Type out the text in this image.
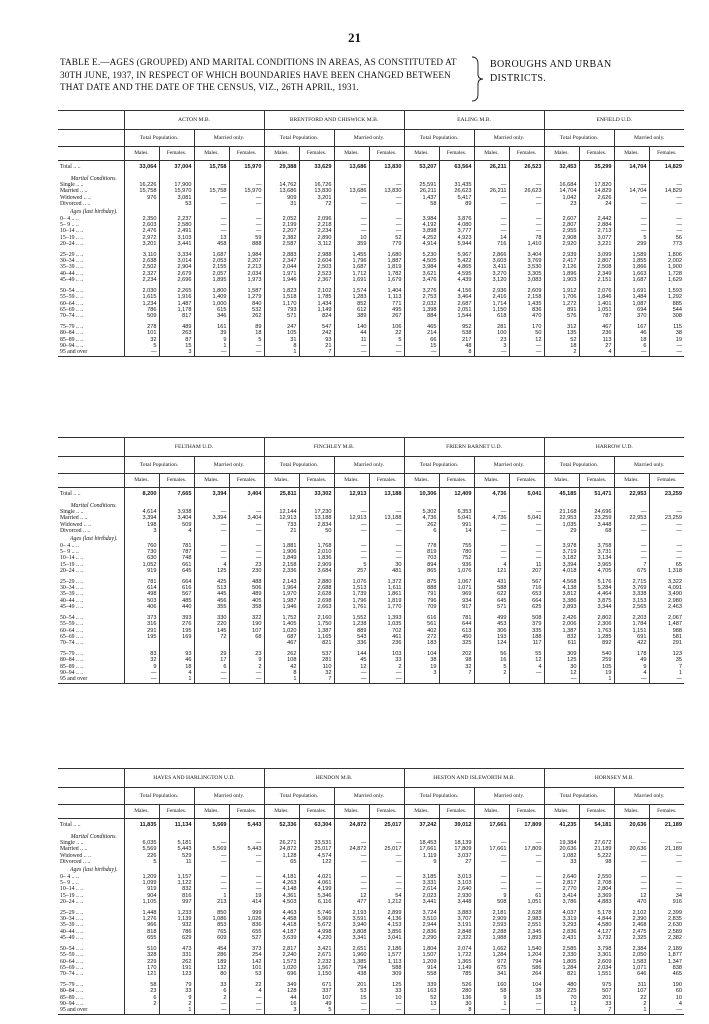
21
TABLE E.—AGES (GROUPED) AND MARITAL CONDITIONS IN AREAS, AS CONSTITUTED AT 30TH JUNE, 1937, IN RESPECT OF WHICH BOUNDARIES HAVE BEEN CHANGED BETWEEN THAT DATE AND THE DATE OF THE CENSUS, VIZ., 26TH APRIL, 1931.
BOROUGHS AND URBAN
DISTRICTS.
	ACTON M.B.				BRENTFORD AND CHISWICK M.B.				EALING M.B.				ENFIELD U.D.			
	Total Population.		Married only.		Total Population.		Married only.		Total Population.		Married only.		Total Population.		Married only.	
	Males.	Females.	Males.	Females.	Males.	Females.	Males.	Females.	Males.	Females.	Males.	Females.	Males.	Females.	Males.	Females.
Total .. ..	33,064	37,004	15,758	15,970	29,388	33,629	13,686	13,830	53,207	63,564	26,211	26,523	32,453	35,299	14,704	14,829
Marital Conditions.																
Single .. ..	16,226	17,900	—	—	14,762	16,726	—	—	25,591	31,435	—	—	16,684	17,820	—	—
Married .. ..	15,758	15,970	15,758	15,970	13,686	13,830	13,686	13,830	26,211	26,623	26,211	26,623	14,704	14,829	14,704	14,829
Widowed .. ..	976	3,081	—	—	909	3,201	—	—	1,437	5,417	—	—	1,042	2,626	—	—
Divorced .. ..		53	—	—	31	72	—	—	58	89	—	—	23	24	—	—
Ages (last birthday).																
0– 4 .. ..	2,350	2,237	—	—	2,052	2,096	—	—	3,984	3,876	—	—	2,607	2,442	—	—
5– 9 .. ..	2,603	2,580	—	—	2,199	2,218	—	—	4,192	4,080	—	—	2,807	2,884	—	—
10–14 .. ..	2,476	2,491	—	—	2,207	2,234	—	—	3,898	3,777	—	—	2,955	2,713	—	—
15–19 .. ..	2,972	3,103	13	59	2,382	2,890	10	52	4,252	4,923	14	78	2,908	3,077	5	56
20–24 .. ..	3,201	3,441	458	888	2,587	3,112	359	779	4,914	5,944	716	1,410	2,920	3,221	299	773

25–29 .. ..	3,110	3,334	1,687	1,984	2,883	2,988	1,455	1,680	5,230	5,967	2,866	3,404	2,939	3,099	1,589	1,806
30–34 .. ..	2,638	3,014	2,053	2,207	2,347	2,604	1,796	1,887	4,505	5,422	3,603	3,769	2,417	2,807	1,855	2,002
35–39 .. ..	2,502	2,904	2,155	2,213	2,044	2,503	1,687	1,819	3,984	4,865	3,411	3,530	2,126	2,508	1,866	1,900
40–44 .. ..	2,327	2,679	2,057	2,034	1,971	2,523	1,712	1,782	3,621	4,595	3,270	3,305	1,896	2,349	1,663	1,728
45–49 .. ..	2,234	2,696	1,895	1,973	1,946	2,367	1,691	1,679	3,476	4,439	3,120	3,083	1,903	2,151	1,687	1,629

50–54 .. ..	2,030	2,265	1,800	1,587	1,823	2,102	1,574	1,404	3,276	4,156	2,936	2,609	1,912	2,076	1,691	1,593
55–59 .. ..	1,615	1,916	1,409	1,279	1,518	1,785	1,283	1,113	2,753	3,464	2,416	2,158	1,706	1,846	1,484	1,292
60–64 .. ..	1,234	1,487	1,000	840	1,170	1,434	852	771	2,032	2,687	1,714	1,435	1,272	1,401	1,087	885
65–69 .. ..	786	1,178	615	532	793	1,149	612	495	1,398	2,051	1,150	836	891	1,051	694	544
70–74 .. ..	509	817	346	262	571	824	389	267	884	1,544	618	470	576	787	370	308

75–79 .. ..	278	489	161	89	247	547	140	106	465	952	281	170	312	467	167	115
80–84 .. ..	101	263	39	18	105	242	44	22	214	538	100	50	135	236	46	38
85–89 .. ..	32	87	9	5	31	93	11	5	66	217	23	12	52	113	18	19
90–94 .. ..	5	15	1	—	8	21	—	—	15	48	3	—	18	27	6	—
95 and over	—	3	—	—	1	7	—	—	—	8	—	—	2	4	—	—
	FELTHAM U.D.				FINCHLEY M.B.				FRIERN BARNET U.D.				HARROW U.D.			
	Total Population.		Married only.		Total Population.		Married only.		Total Population.		Married only.		Total Population.		Married only.	
	Males.	Females.	Males.	Females.	Males.	Females.	Males.	Females.	Males.	Females.	Males.	Females.	Males.	Females.	Males.	Females.
Total .. ..	8,200	7,665	3,394	3,404	25,811	33,302	12,913	13,188	10,306	12,409	4,736	5,041	45,185	51,471	22,953	23,259
Marital Conditions.																
Single .. ..	4,614	3,938	—	—	12,144	17,230	—	—	5,302	6,353	—	—	21,168	24,696	—	—
Married .. ..	3,394	3,404	3,394	3,404	12,913	13,188	12,913	13,188	4,736	5,041	4,736	5,041	22,953	23,259	22,953	23,259
Widowed .. ..	198	509	—	—	733	2,834	—	—	262	991	—	—	1,035	3,448	—	—
Divorced .. ..	3	4	—	—	21	50	—	—	6	14	—	—	29	68	—	—
Ages (last birthday).																
0– 4 .. ..	760	781	—	—	1,881	1,768	—	—	778	755	—	—	3,978	3,758	—	—
5– 9 .. ..	730	787	—	—	1,906	2,010	—	—	819	780	—	—	3,719	3,731	—	—
10–14 .. ..	630	748	—	—	1,849	1,836	—	—	703	752	—	—	3,182	3,134	—	—
15–19 .. ..	1,052	661	4	23	2,158	2,909	5	30	894	936	4	11	3,394	3,965	7	65
20–24 .. ..	919	645	125	230	2,336	3,684	257	481	865	1,076	121	207	4,018	4,705	675	1,318

25–29 .. ..	781	664	425	488	2,143	2,880	1,076	1,372	875	1,067	431	567	4,568	5,176	2,715	3,322
30–34 .. ..	614	616	513	506	1,964	2,688	1,513	1,611	888	1,071	588	716	4,138	5,284	3,769	4,091
35–39 .. ..	498	567	445	489	1,970	2,628	1,739	1,861	791	969	622	653	3,812	4,464	3,338	3,490
40–44 .. ..	503	485	456	405	1,987	2,698	1,796	1,819	796	934	645	664	3,386	3,875	3,153	2,980
45–49 .. ..	406	440	355	358	1,946	2,663	1,761	1,770	709	917	571	625	2,893	3,344	2,565	2,463

50–54 .. ..	373	393	330	322	1,752	2,160	1,552	1,393	616	781	499	508	2,426	2,802	2,203	2,067
55–59 .. ..	316	276	220	190	1,405	1,750	1,238	1,035	561	644	453	379	2,006	2,306	1,784	1,487
60–64 .. ..	291	195	145	107	1,020	1,387	889	702	402	613	306	335	1,387	1,763	1,151	988
65–69 .. ..	195	169	72	68	687	1,165	543	461	272	450	193	188	832	1,285	691	581
70–74 .. ..					467	821	336	236	183	325	124	117	611	892	422	291

75–79 .. ..	83	93	29	23	262	537	144	103	104	202	56	55	309	540	178	123
80–84 .. ..	32	46	17	9	108	281	45	33	38	98	16	12	125	259	49	35
85–89 .. ..	9	18	6	2	42	110	12	2	19	32	5	4	30	105	9	7
90–94 .. ..	—	4	—	—	8	32	—	—	3	7	2	—	12	19	4	1
95 and over	—	1	—	—	1	7	—	—					—	1	—	—
	HAYES AND HARLINGTON U.D.				HENDON M.B.				HESTON AND ISLEWORTH M.B.				HORNSEY M.B.			
	Total Population.		Married only.		Total Population.		Married only.		Total Population.		Married only.		Total Population.		Married only.	
	Males.	Females.	Males.	Females.	Males.	Females.	Males.	Females.	Males.	Females.	Males.	Females.	Males.	Females.	Males.	Females.
Total .. ..	11,835	11,134	5,569	5,443	52,336	63,304	24,872	25,017	37,242	39,012	17,661	17,809	41,235	54,181	20,636	21,189
Marital Conditions.																
Single .. ..	6,035	5,181	—	—	26,271	33,531	—	—	18,453	18,139	—	—	19,384	27,672	—	—
Married .. ..	5,569	5,443	5,569	5,443	24,872	25,017	24,872	25,017	17,661	17,809	17,661	17,809	20,636	21,189	20,636	21,189
Widowed .. ..	226	529	—	—	1,128	4,574	—	—	1,119	3,037	—	—	1,082	5,222	—	—
Divorced .. ..	5	11	—	—	65	122	—	—	9	27	—	—	33	98	—	—
Ages (last birthday).																
0– 4 .. ..	1,209	1,157	—	—	4,181	4,021	—	—	3,185	3,013	—	—	2,640	2,550	—	—
5– 9 .. ..	1,099	1,122	—	—	4,263	4,061	—	—	3,331	3,103	—	—	2,817	2,708	—	—
10–14 .. ..	919	832	—	—	4,148	4,199	—	—	2,614	2,640	—	—	2,770	2,804	—	—
15–19 .. ..	904	816	1	19	4,361	5,346	12	54	2,023	2,930	9	61	3,414	3,369	12	34
20–24 .. ..	1,105	997	213	414	4,503	6,116	477	1,212	3,441	3,448	508	1,051	3,786	4,883	470	916

25–29 .. ..	1,448	1,233	850	999	4,463	5,746	2,193	2,899	3,724	3,883	2,181	2,628	4,037	5,178	2,102	2,399
30–34 .. ..	1,276	1,139	1,086	1,026	4,458	5,969	3,591	4,136	3,510	3,707	2,909	2,983	3,319	4,844	2,390	2,835
35–39 .. ..	966	932	853	836	4,418	5,672	3,940	4,153	2,944	3,191	2,593	2,551	3,293	4,580	2,468	2,630
40–44 .. ..	818	786	765	655	4,187	4,998	3,808	3,856	2,836	2,848	2,288	2,345	2,836	4,127	2,475	2,589
45–49 .. ..	655	629	609	527	3,639	4,220	3,341	3,041	2,290	2,322	1,988	1,893	2,431	3,732	2,325	2,382

50–54 .. ..	510	473	454	373	2,817	3,421	2,651	2,186	1,804	2,074	1,662	1,540	2,585	3,798	2,384	2,189
55–59 .. ..	328	331	286	254	2,240	2,671	1,960	1,577	1,507	1,722	1,284	1,204	2,330	3,301	2,050	1,877
60–64 .. ..	229	262	189	142	1,573	2,232	1,385	1,113	1,209	1,365	972	794	1,805	2,609	1,583	1,347
65–69 .. ..	170	191	132	101	1,020	1,567	794	588	914	1,149	675	586	1,284	2,034	1,071	838
70–74 .. ..	121	123	80	53	696	1,150	438	309	558	785	341	264	821	1,551	646	465

75–79 .. ..	58	79	33	22	349	671	201	125	339	526	160	104	480	975	311	190
80–84 .. ..	23	33	6	4	128	337	53	33	163	280	58	38	225	507	107	60
85–89 .. ..	6	9	2	—	44	107	15	10	52	136	9	15	70	201	22	10
90–94 .. ..	2	2	—	—	16	49	—	—	13	30	1	—	12	33	2	4
95 and over		1	—	—	3	5	—	—	—	8	—	—	1	7	1	—
